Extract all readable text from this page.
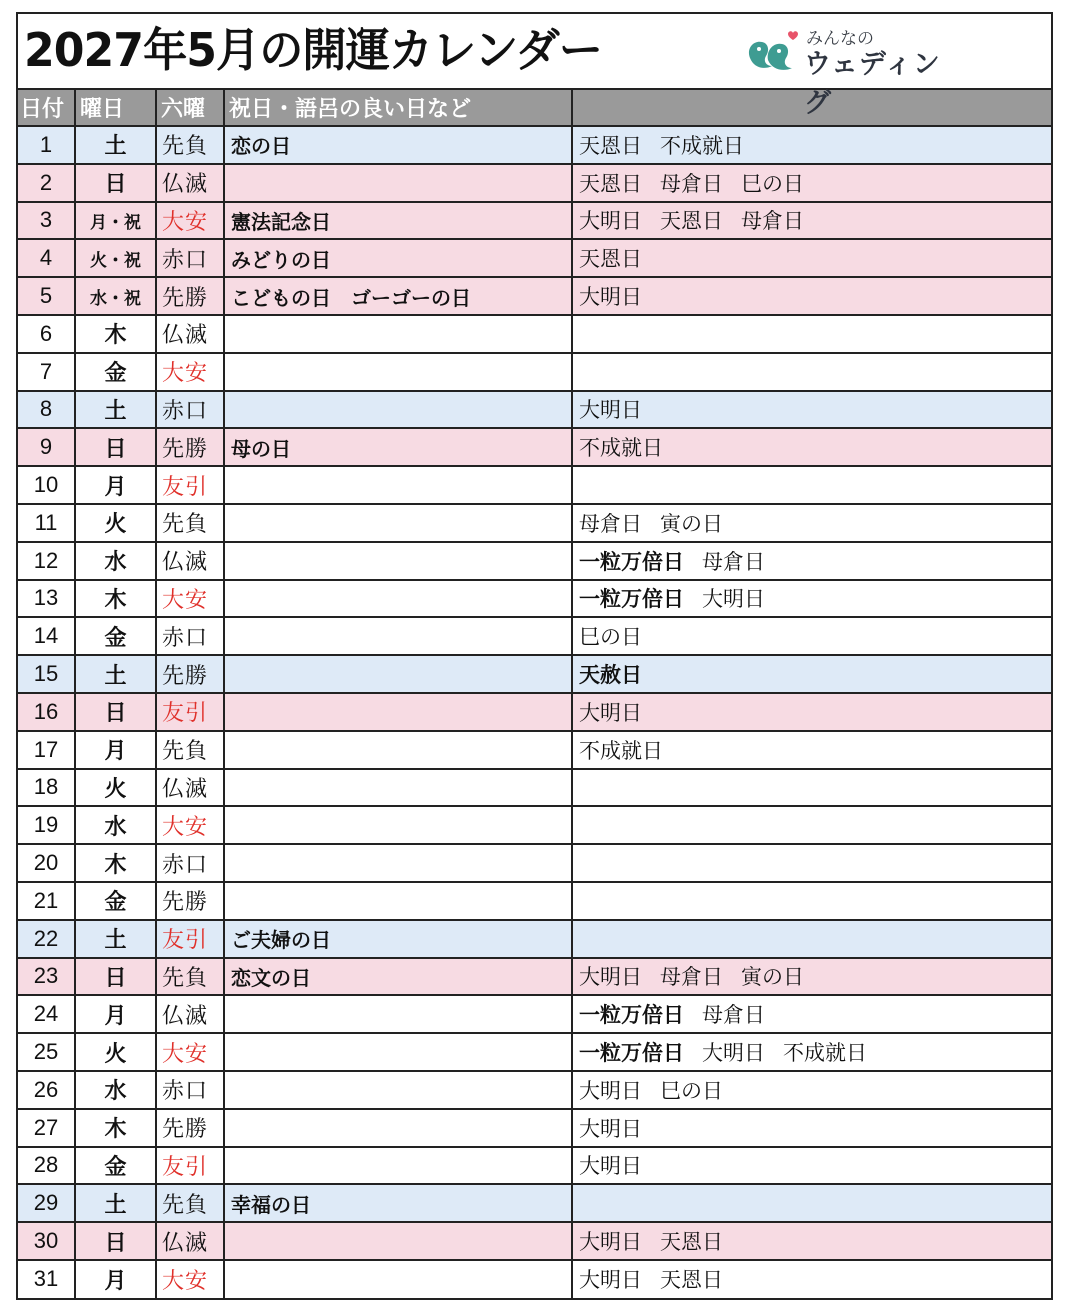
2027年5月の開運カレンダー	みんなの
ウェディング
日付	曜日	六曜	祝日・語呂の良い日など	
1	土	先負	恋の日	天恩日 不成就日
2	日	仏滅		天恩日 母倉日 巳の日
3	月・祝	大安	憲法記念日	大明日 天恩日 母倉日
4	火・祝	赤口	みどりの日	天恩日
5	水・祝	先勝	こどもの日　ゴーゴーの日	大明日
6	木	仏滅		
7	金	大安		
8	土	赤口		大明日
9	日	先勝	母の日	不成就日
10	月	友引		
11	火	先負		母倉日 寅の日
12	水	仏滅		一粒万倍日 母倉日
13	木	大安		一粒万倍日 大明日
14	金	赤口		巳の日
15	土	先勝		天赦日
16	日	友引		大明日
17	月	先負		不成就日
18	火	仏滅		
19	水	大安		
20	木	赤口		
21	金	先勝		
22	土	友引	ご夫婦の日	
23	日	先負	恋文の日	大明日 母倉日 寅の日
24	月	仏滅		一粒万倍日 母倉日
25	火	大安		一粒万倍日 大明日 不成就日
26	水	赤口		大明日 巳の日
27	木	先勝		大明日
28	金	友引		大明日
29	土	先負	幸福の日	
30	日	仏滅		大明日 天恩日
31	月	大安		大明日 天恩日
